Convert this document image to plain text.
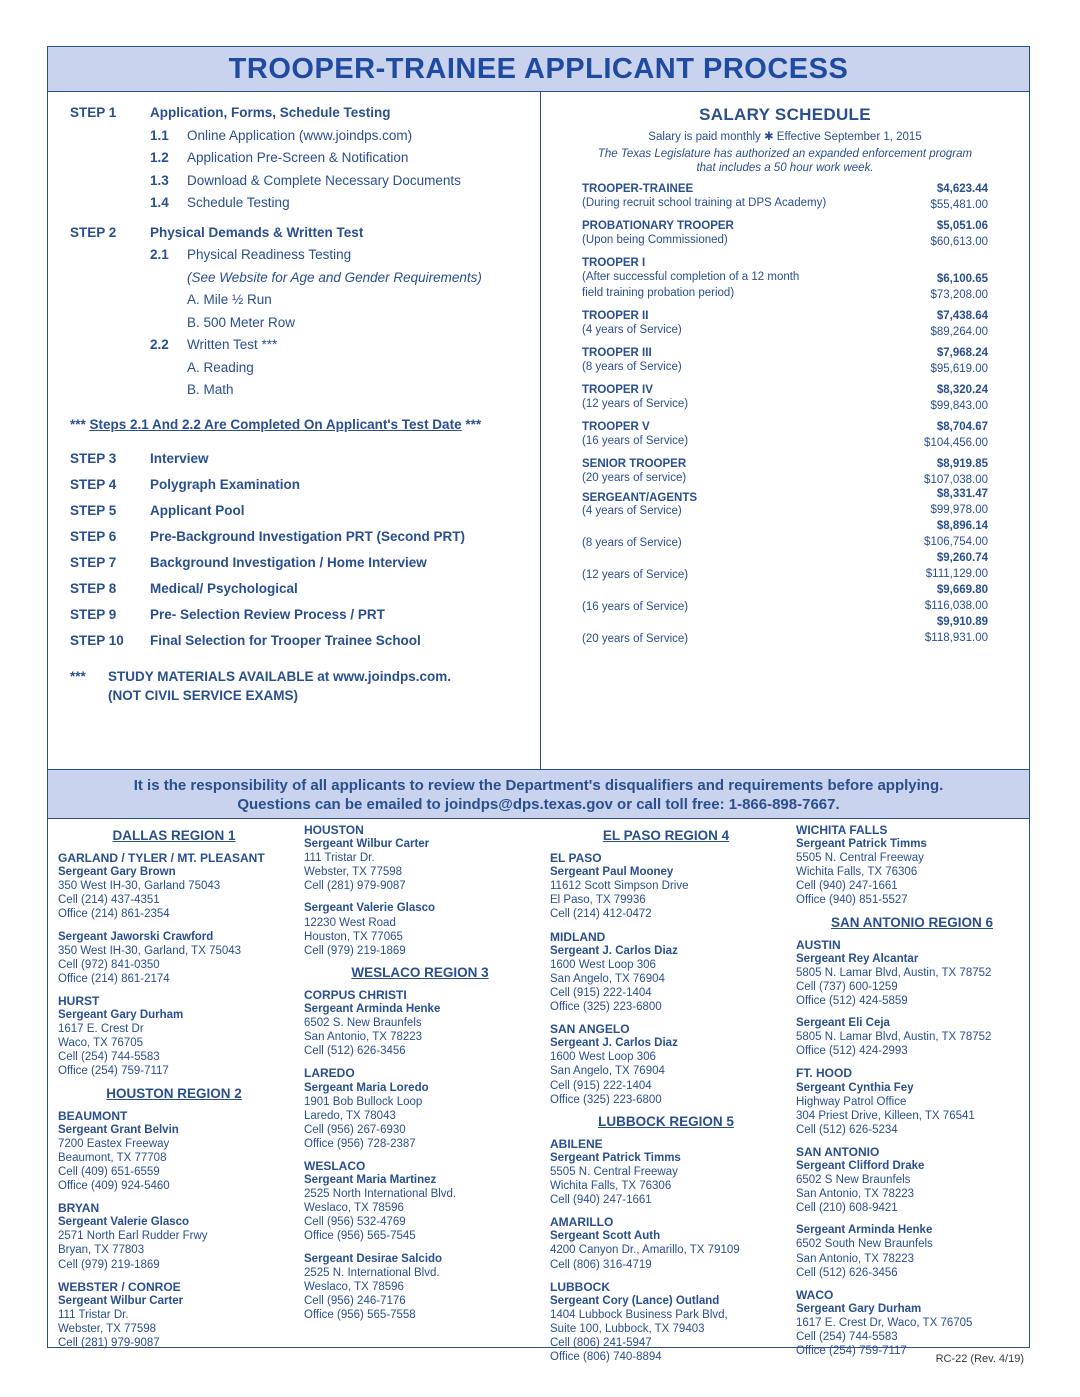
TROOPER-TRAINEE APPLICANT PROCESS
STEP 1 Application, Forms, Schedule Testing
1.1 Online Application (www.joindps.com)
1.2 Application Pre-Screen & Notification
1.3 Download & Complete Necessary Documents
1.4 Schedule Testing
STEP 2 Physical Demands & Written Test
2.1 Physical Readiness Testing
(See Website for Age and Gender Requirements)
A. Mile ½ Run
B. 500 Meter Row
2.2 Written Test ***
A. Reading
B. Math
*** Steps 2.1 And 2.2 Are Completed On Applicant's Test Date ***
STEP 3 Interview
STEP 4 Polygraph Examination
STEP 5 Applicant Pool
STEP 6 Pre-Background Investigation PRT (Second PRT)
STEP 7 Background Investigation / Home Interview
STEP 8 Medical/ Psychological
STEP 9 Pre- Selection Review Process / PRT
STEP 10 Final Selection for Trooper Trainee School
*** STUDY MATERIALS AVAILABLE at www.joindps.com.
(NOT CIVIL SERVICE EXAMS)
SALARY SCHEDULE
Salary is paid monthly ✱ Effective September 1, 2015
The Texas Legislature has authorized an expanded enforcement program
that includes a 50 hour work week.
TROOPER-TRAINEE
(During recruit school training at DPS Academy)
$4,623.44
$55,481.00
PROBATIONARY TROOPER
(Upon being Commissioned)
$5,051.06
$60,613.00
TROOPER I
(After successful completion of a 12 month
field training probation period)
$6,100.65
$73,208.00
TROOPER II
(4 years of Service)
$7,438.64
$89,264.00
TROOPER III
(8 years of Service)
$7,968.24
$95,619.00
TROOPER IV
(12 years of Service)
$8,320.24
$99,843.00
TROOPER V
(16 years of Service)
$8,704.67
$104,456.00
SENIOR TROOPER
(20 years of service)
$8,919.85
$107,038.00
SERGEANT/AGENTS
(4 years of Service)
$8,331.47
$99,978.00
(8 years of Service)
$8,896.14
$106,754.00
(12 years of Service)
$9,260.74
$111,129.00
(16 years of Service)
$9,669.80
$116,038.00
(20 years of Service)
$9,910.89
$118,931.00
It is the responsibility of all applicants to review the Department's disqualifiers and requirements before applying.
Questions can be emailed to joindps@dps.texas.gov or call toll free: 1-866-898-7667.
DALLAS REGION 1
GARLAND / TYLER / MT. PLEASANT
Sergeant Gary Brown
350 West IH-30, Garland 75043
Cell (214) 437-4351
Office (214) 861-2354
Sergeant Jaworski Crawford
350 West IH-30, Garland, TX 75043
Cell (972) 841-0350
Office (214) 861-2174
HURST
Sergeant Gary Durham
1617 E. Crest Dr
Waco, TX 76705
Cell (254) 744-5583
Office (254) 759-7117
HOUSTON REGION 2
BEAUMONT
Sergeant Grant Belvin
7200 Eastex Freeway
Beaumont, TX 77708
Cell (409) 651-6559
Office (409) 924-5460
BRYAN
Sergeant Valerie Glasco
2571 North Earl Rudder Frwy
Bryan, TX 77803
Cell (979) 219-1869
WEBSTER / CONROE
Sergeant Wilbur Carter
111 Tristar Dr.
Webster, TX 77598
Cell (281) 979-9087
HOUSTON
Sergeant Wilbur Carter
111 Tristar Dr.
Webster, TX 77598
Cell (281) 979-9087
Sergeant Valerie Glasco
12230 West Road
Houston, TX 77065
Cell (979) 219-1869
WESLACO REGION 3
CORPUS CHRISTI
Sergeant Arminda Henke
6502 S. New Braunfels
San Antonio, TX 78223
Cell (512) 626-3456
LAREDO
Sergeant Maria Loredo
1901 Bob Bullock Loop
Laredo, TX 78043
Cell (956) 267-6930
Office (956) 728-2387
WESLACO
Sergeant Maria Martinez
2525 North International Blvd.
Weslaco, TX 78596
Cell (956) 532-4769
Office (956) 565-7545
Sergeant Desirae Salcido
2525 N. International Blvd.
Weslaco, TX 78596
Cell (956) 246-7176
Office (956) 565-7558
EL PASO REGION 4
EL PASO
Sergeant Paul Mooney
11612 Scott Simpson Drive
El Paso, TX 79936
Cell (214) 412-0472
MIDLAND
Sergeant J. Carlos Diaz
1600 West Loop 306
San Angelo, TX 76904
Cell (915) 222-1404
Office (325) 223-6800
SAN ANGELO
Sergeant J. Carlos Diaz
1600 West Loop 306
San Angelo, TX 76904
Cell (915) 222-1404
Office (325) 223-6800
LUBBOCK REGION 5
ABILENE
Sergeant Patrick Timms
5505 N. Central Freeway
Wichita Falls, TX 76306
Cell (940) 247-1661
AMARILLO
Sergeant Scott Auth
4200 Canyon Dr., Amarillo, TX 79109
Cell (806) 316-4719
LUBBOCK
Sergeant Cory (Lance) Outland
1404 Lubbock Business Park Blvd,
Suite 100, Lubbock, TX 79403
Cell (806) 241-5947
Office (806) 740-8894
WICHITA FALLS
Sergeant Patrick Timms
5505 N. Central Freeway
Wichita Falls, TX 76306
Cell (940) 247-1661
Office (940) 851-5527
SAN ANTONIO REGION 6
AUSTIN
Sergeant Rey Alcantar
5805 N. Lamar Blvd, Austin, TX 78752
Cell (737) 600-1259
Office (512) 424-5859
Sergeant Eli Ceja
5805 N. Lamar Blvd, Austin, TX 78752
Office (512) 424-2993
FT. HOOD
Sergeant Cynthia Fey
Highway Patrol Office
304 Priest Drive, Killeen, TX 76541
Cell (512) 626-5234
SAN ANTONIO
Sergeant Clifford Drake
6502 S New Braunfels
San Antonio, TX 78223
Cell (210) 608-9421
Sergeant Arminda Henke
6502 South New Braunfels
San Antonio, TX 78223
Cell (512) 626-3456
WACO
Sergeant Gary Durham
1617 E. Crest Dr, Waco, TX 76705
Cell (254) 744-5583
Office (254) 759-7117
RC-22 (Rev. 4/19)
